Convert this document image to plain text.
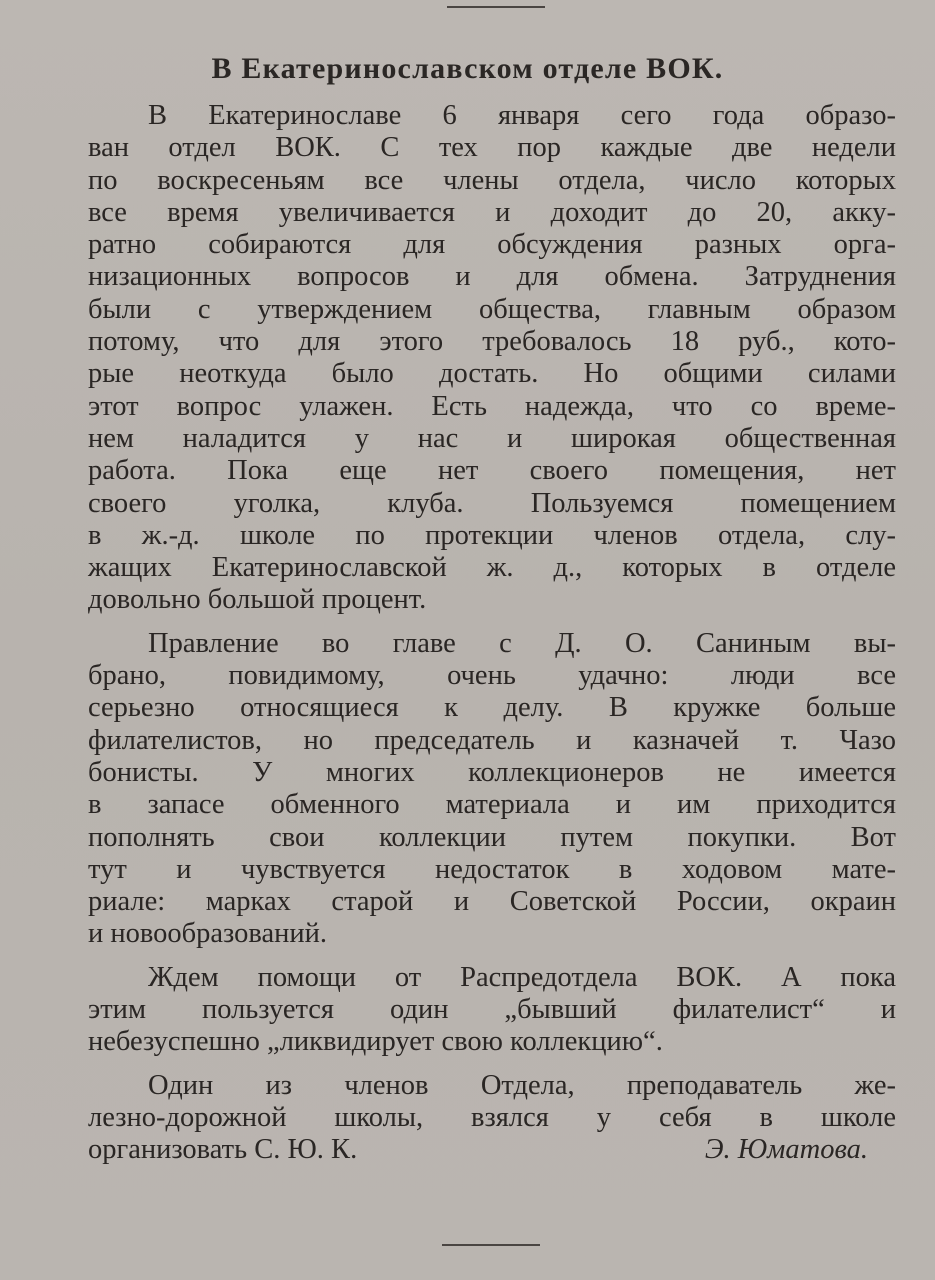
В Екатеринославском отделе ВОК.

В Екатеринославе 6 января сего года образо-
ван отдел ВОК. С тех пор каждые две недели
по воскресеньям все члены отдела, число которых
все время увеличивается и доходит до 20, акку-
ратно собираются для обсуждения разных орга-
низационных вопросов и для обмена. Затруднения
были с утверждением общества, главным образом
потому, что для этого требовалось 18 руб., кото-
рые неоткуда было достать. Но общими силами
этот вопрос улажен. Есть надежда, что со време-
нем наладится у нас и широкая общественная
работа. Пока еще нет своего помещения, нет
своего уголка, клуба. Пользуемся помещением
в ж.-д. школе по протекции членов отдела, слу-
жащих Екатеринославской ж. д., которых в отделе
довольно большой процент.

Правление во главе с Д. О. Саниным вы-
брано, повидимому, очень удачно: люди все
серьезно относящиеся к делу. В кружке больше
филателистов, но председатель и казначей т. Чазо
бонисты. У многих коллекционеров не имеется
в запасе обменного материала и им приходится
пополнять свои коллекции путем покупки. Вот
тут и чувствуется недостаток в ходовом мате-
риале: марках старой и Советской России, окраин
и новообразований.

Ждем помощи от Распредотдела ВОК. А пока
этим пользуется один „бывший филателист“ и
небезуспешно „ликвидирует свою коллекцию“.

Один из членов Отдела, преподаватель же-
лезно-дорожной школы, взялся у себя в школе
организовать С. Ю. К.	Э. Юматова.
